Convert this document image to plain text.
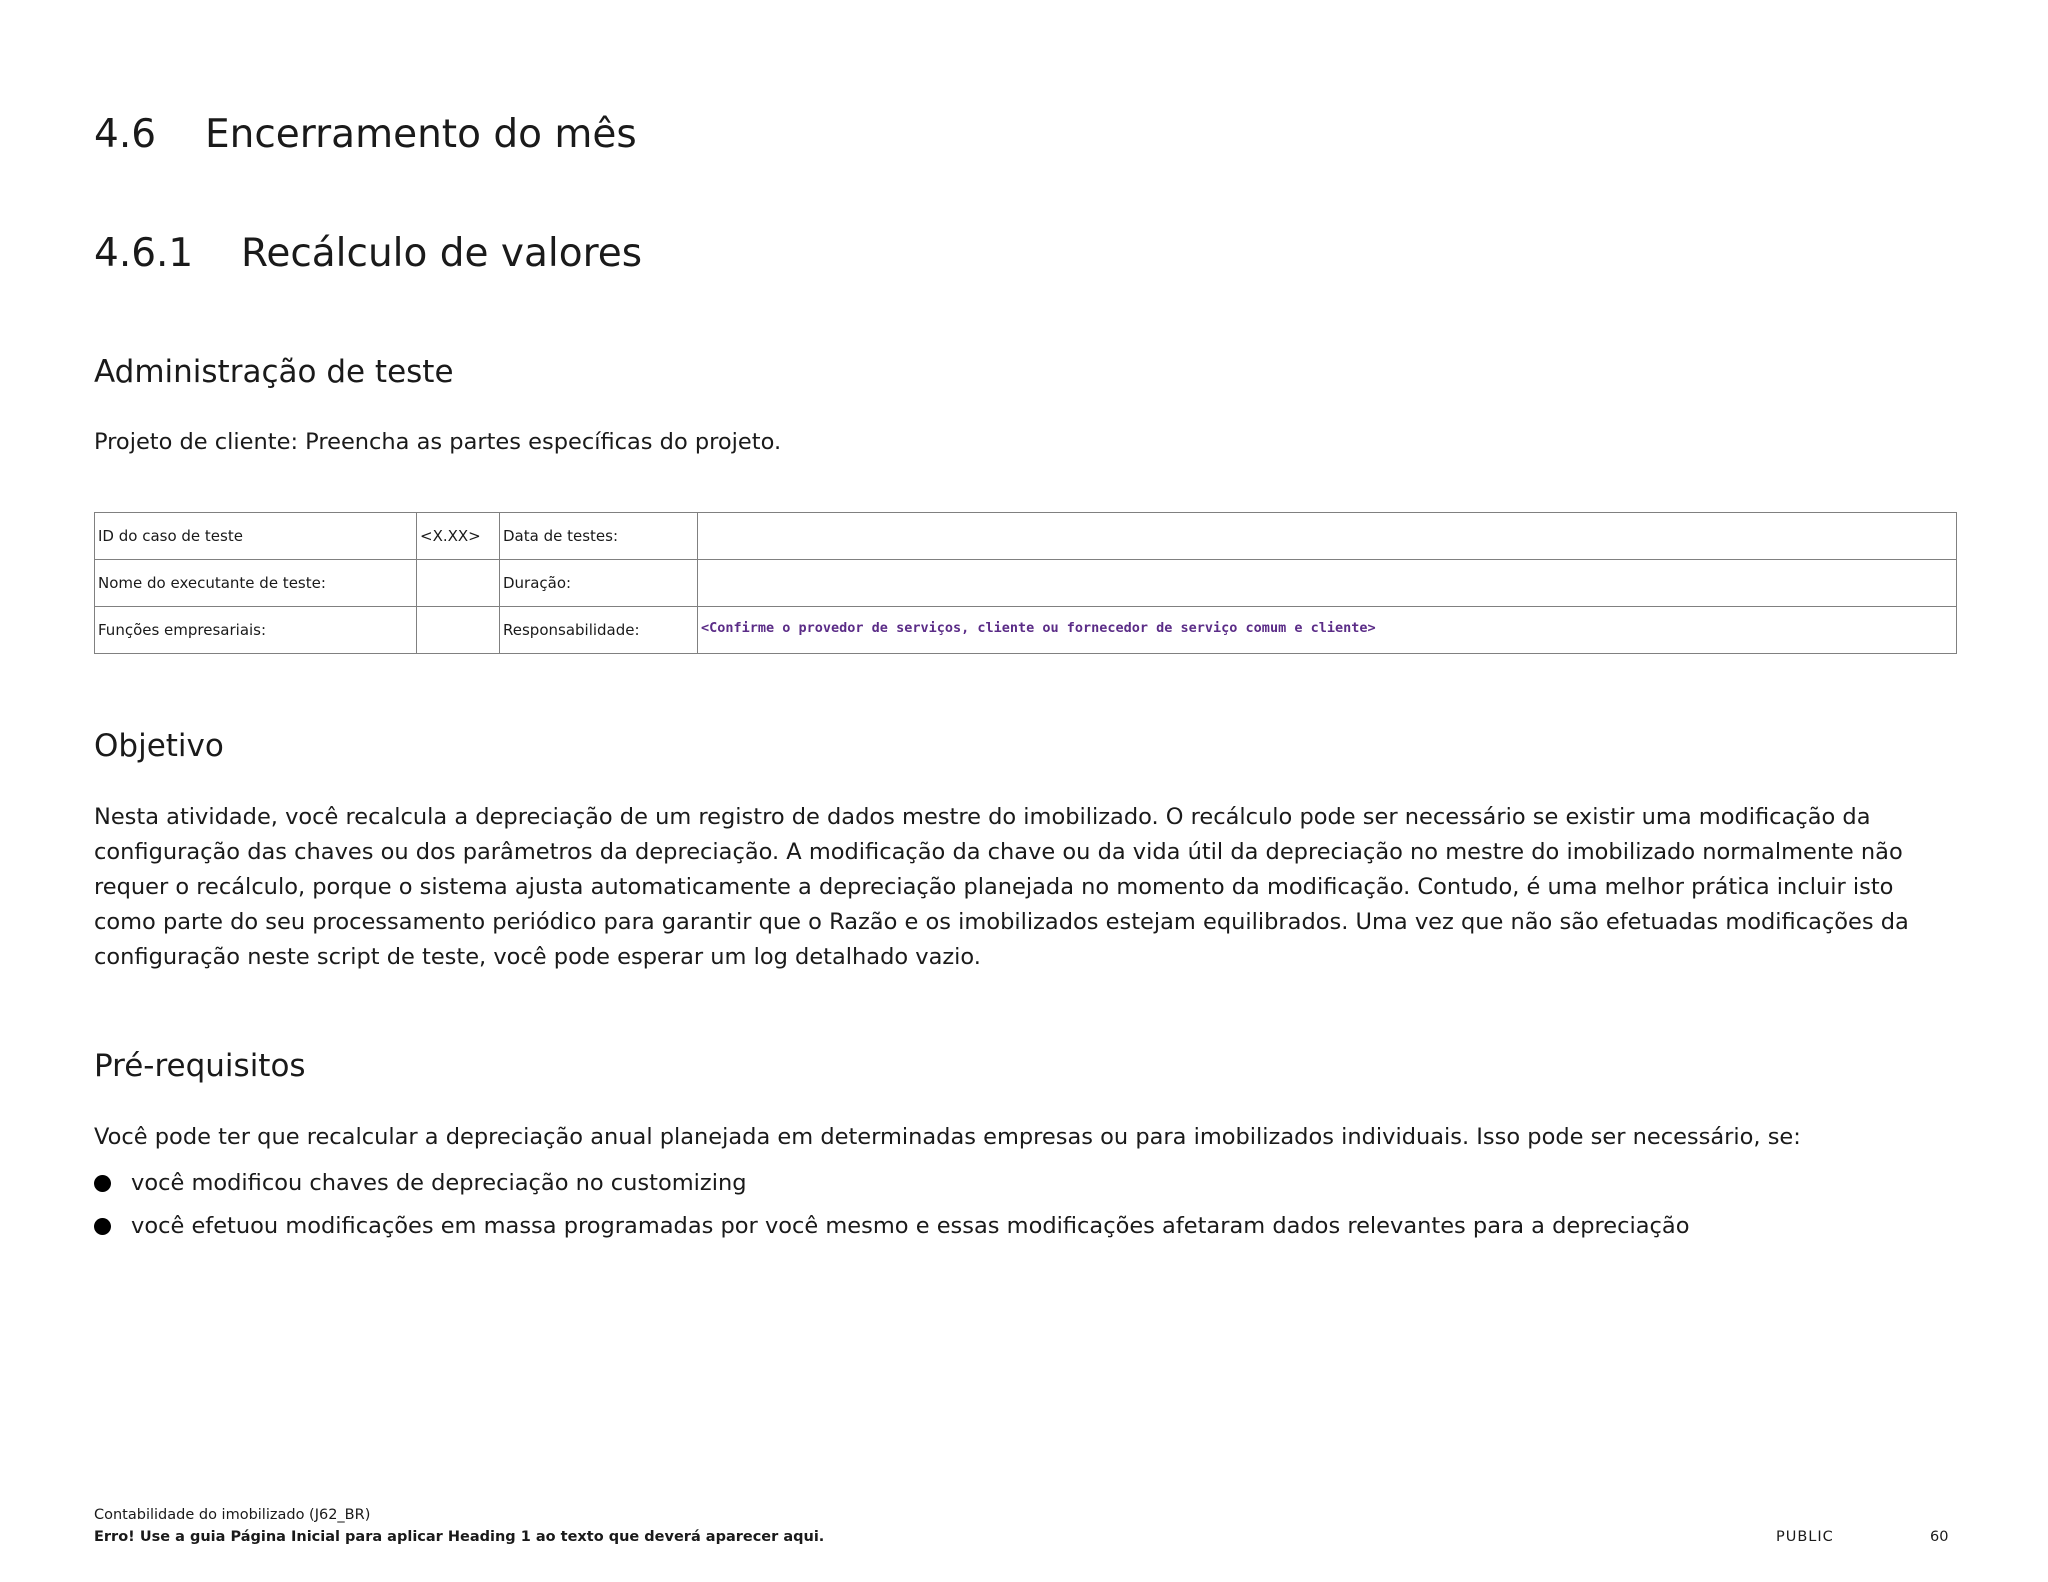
4.6 Encerramento do mês
4.6.1 Recálculo de valores
Administração de teste

Projeto de cliente: Preencha as partes específicas do projeto.

ID do caso de teste	<X.XX>	Data de testes:	
Nome do executante de teste:		Duração:	
Funções empresariais:		Responsabilidade:	<Confirme o provedor de serviços, cliente ou fornecedor de serviço comum e cliente>
Objetivo

Nesta atividade, você recalcula a depreciação de um registro de dados mestre do imobilizado. O recálculo pode ser necessário se existir uma modificação da configuração das chaves ou dos parâmetros da depreciação. A modificação da chave ou da vida útil da depreciação no mestre do imobilizado normalmente não requer o recálculo, porque o sistema ajusta automaticamente a depreciação planejada no momento da modificação. Contudo, é uma melhor prática incluir isto como parte do seu processamento periódico para garantir que o Razão e os imobilizados estejam equilibrados. Uma vez que não são efetuadas modificações da configuração neste script de teste, você pode esperar um log detalhado vazio.

Pré-requisitos

Você pode ter que recalcular a depreciação anual planejada em determinadas empresas ou para imobilizados individuais. Isso pode ser necessário, se:

você modificou chaves de depreciação no customizing
você efetuou modificações em massa programadas por você mesmo e essas modificações afetaram dados relevantes para a depreciação
Contabilidade do imobilizado (J62_BR)
Erro! Use a guia Página Inicial para aplicar Heading 1 ao texto que deverá aparecer aqui.	PUBLIC	60
